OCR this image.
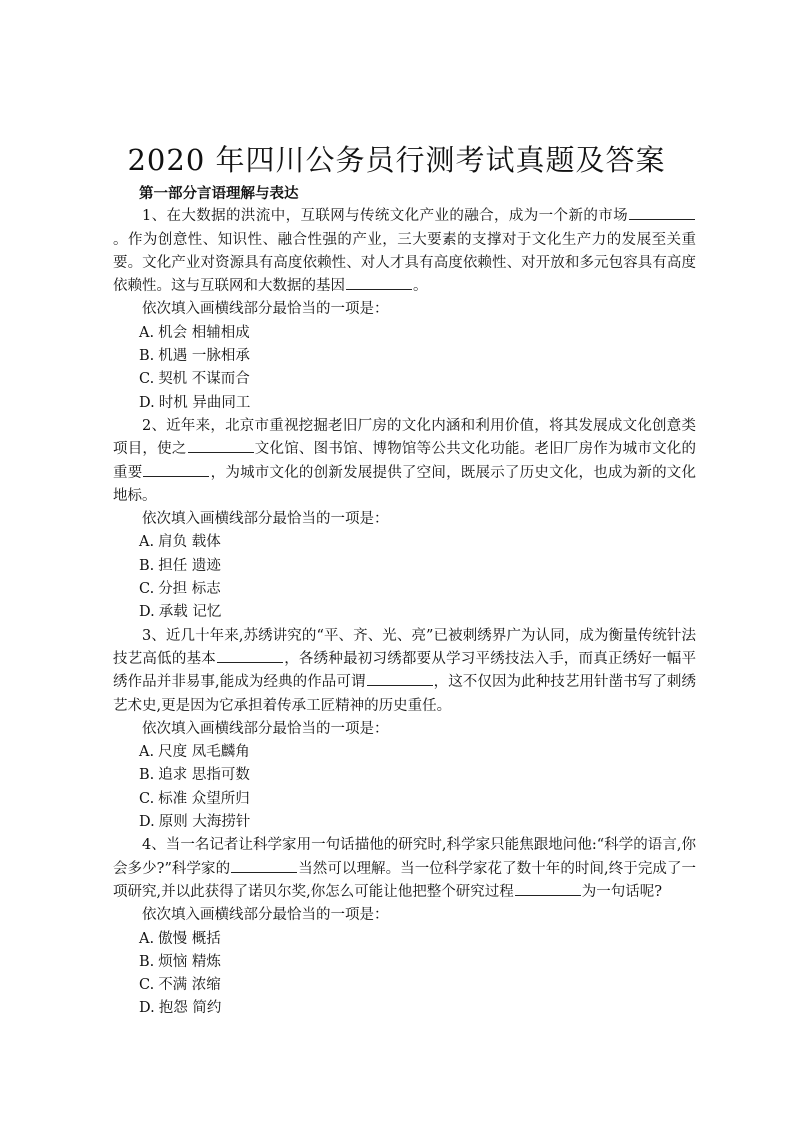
2020 年四川公务员行测考试真题及答案
第一部分言语理解与表达
1、在大数据的洪流中，互联网与传统文化产业的融合，成为一个新的市场。作为创意性、知识性、融合性强的产业，三大要素的支撑对于文化生产力的发展至关重要。文化产业对资源具有高度依赖性、对人才具有高度依赖性、对开放和多元包容具有高度依赖性。这与互联网和大数据的基因	。
依次填入画横线部分最恰当的一项是：
A. 机会 相辅相成
B. 机遇 一脉相承
C. 契机 不谋而合
D. 时机 异曲同工
2、近年来，北京市重视挖掘老旧厂房的文化内涵和利用价值，将其发展成文化创意类项目，使之	文化馆、图书馆、博物馆等公共文化功能。老旧厂房作为城市文化的重要	，为城市文化的创新发展提供了空间，既展示了历史文化，也成为新的文化地标。
依次填入画横线部分最恰当的一项是：
A. 肩负 载体
B. 担任 遗迹
C. 分担 标志
D. 承载 记忆
3、近几十年来,苏绣讲究的“平、齐、光、亮”已被刺绣界广为认同，成为衡量传统针法技艺高低的基本	，各绣种最初习绣都要从学习平绣技法入手，而真正绣好一幅平绣作品并非易事,能成为经典的作品可谓	，这不仅因为此种技艺用针凿书写了刺绣艺术史,更是因为它承担着传承工匠精神的历史重任。
依次填入画横线部分最恰当的一项是：
A. 尺度 凤毛麟角
B. 追求 思指可数
C. 标准 众望所归
D. 原则 大海捞针
4、当一名记者让科学家用一句话描他的研究时,科学家只能焦跟地问他:“科学的语言,你会多少?”科学家的	当然可以理解。当一位科学家花了数十年的时间,终于完成了一项研究,并以此获得了诺贝尔奖,你怎么可能让他把整个研究过程	为一句话呢?
依次填入画横线部分最恰当的一项是：
A. 傲慢 概括
B. 烦恼 精炼
C. 不满 浓缩
D. 抱怨 简约
